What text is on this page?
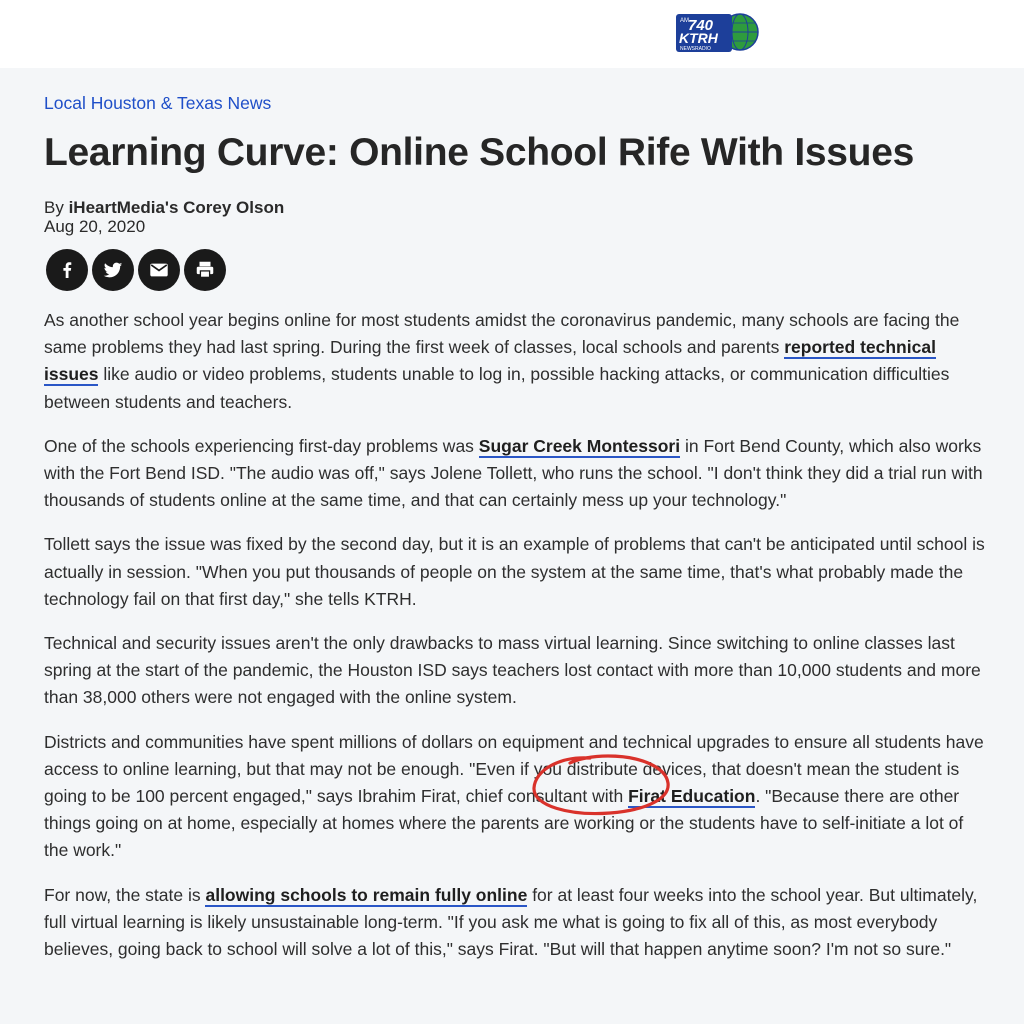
AM 740
KTRH
NEWSRADIO
Local Houston & Texas News
Learning Curve: Online School Rife With Issues
By iHeartMedia's Corey Olson
Aug 20, 2020

As another school year begins online for most students amidst the coronavirus pandemic, many schools are facing the same problems they had last spring. During the first week of classes, local schools and parents reported technical issues like audio or video problems, students unable to log in, possible hacking attacks, or communication difficulties between students and teachers.

One of the schools experiencing first-day problems was Sugar Creek Montessori in Fort Bend County, which also works with the Fort Bend ISD. "The audio was off," says Jolene Tollett, who runs the school. "I don't think they did a trial run with thousands of students online at the same time, and that can certainly mess up your technology."

Tollett says the issue was fixed by the second day, but it is an example of problems that can't be anticipated until school is actually in session. "When you put thousands of people on the system at the same time, that's what probably made the technology fail on that first day," she tells KTRH.

Technical and security issues aren't the only drawbacks to mass virtual learning. Since switching to online classes last spring at the start of the pandemic, the Houston ISD says teachers lost contact with more than 10,000 students and more than 38,000 others were not engaged with the online system.

Districts and communities have spent millions of dollars on equipment and technical upgrades to ensure all students have access to online learning, but that may not be enough. "Even if you distribute devices, that doesn't mean the student is going to be 100 percent engaged," says Ibrahim Firat, chief consultant with Firat Education. "Because there are other things going on at home, especially at homes where the parents are working or the students have to self-initiate a lot of the work."

For now, the state is allowing schools to remain fully online for at least four weeks into the school year. But ultimately, full virtual learning is likely unsustainable long-term. "If you ask me what is going to fix all of this, as most everybody believes, going back to school will solve a lot of this," says Firat. "But will that happen anytime soon? I'm not so sure."
